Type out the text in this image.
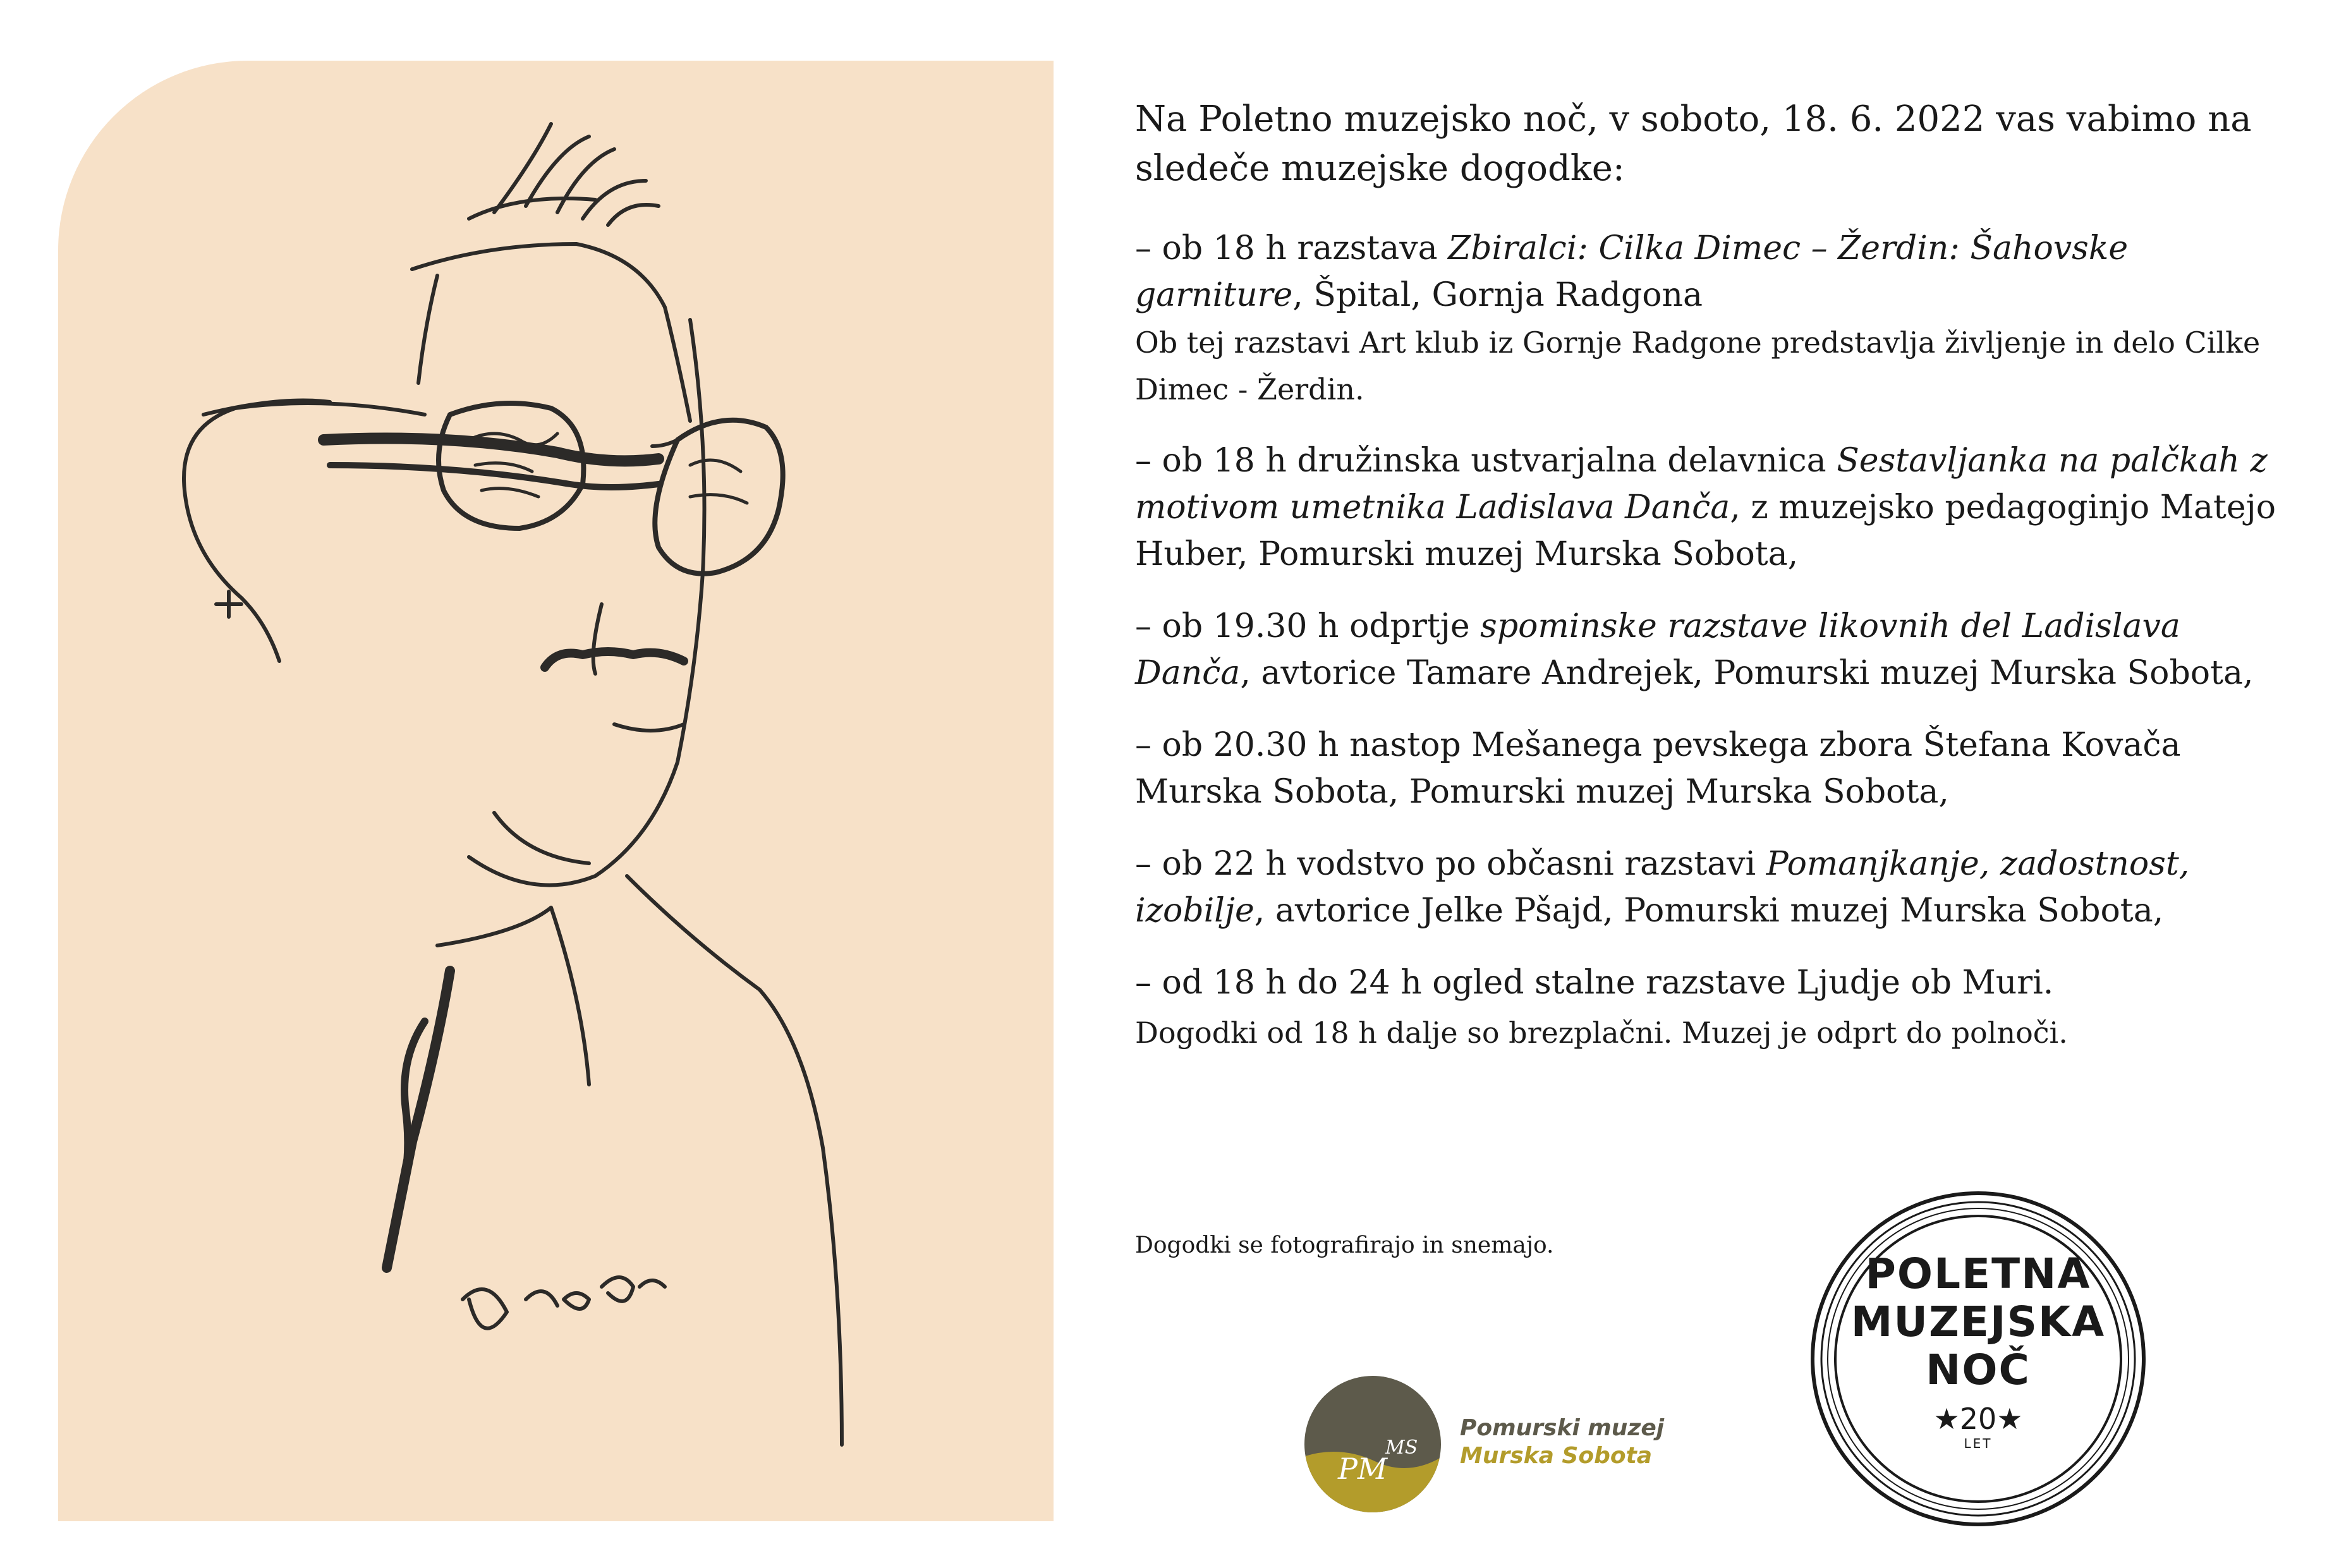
Na Poletno muzejsko noč, v soboto, 18. 6. 2022 vas vabimo na sledeče muzejske dogodke:

– ob 18 h razstava Zbiralci: Cilka Dimec – Žerdin: Šahovske garniture, Špital, Gornja Radgona
Ob tej razstavi Art klub iz Gornje Radgone predstavlja življenje in delo Cilke Dimec - Žerdin.

– ob 18 h družinska ustvarjalna delavnica Sestavljanka na palčkah z motivom umetnika Ladislava Danča, z muzejsko pedagoginjo Matejo Huber, Pomurski muzej Murska Sobota,

– ob 19.30 h odprtje spominske razstave likovnih del Ladislava Danča, avtorice Tamare Andrejek, Pomurski muzej Murska Sobota,

– ob 20.30 h nastop Mešanega pevskega zbora Štefana Kovača Murska Sobota, Pomurski muzej Murska Sobota,

– ob 22 h vodstvo po občasni razstavi Pomanjkanje, zadostnost, izobilje, avtorice Jelke Pšajd, Pomurski muzej Murska Sobota,

– od 18 h do 24 h ogled stalne razstave Ljudje ob Muri.

Dogodki od 18 h dalje so brezplačni. Muzej je odprt do polnoči.
Dogodki se fotografirajo in snemajo.
PM
MS
Pomurski muzej
Murska Sobota
POLETNA
MUZEJSKA
NOČ
★20★
LET
